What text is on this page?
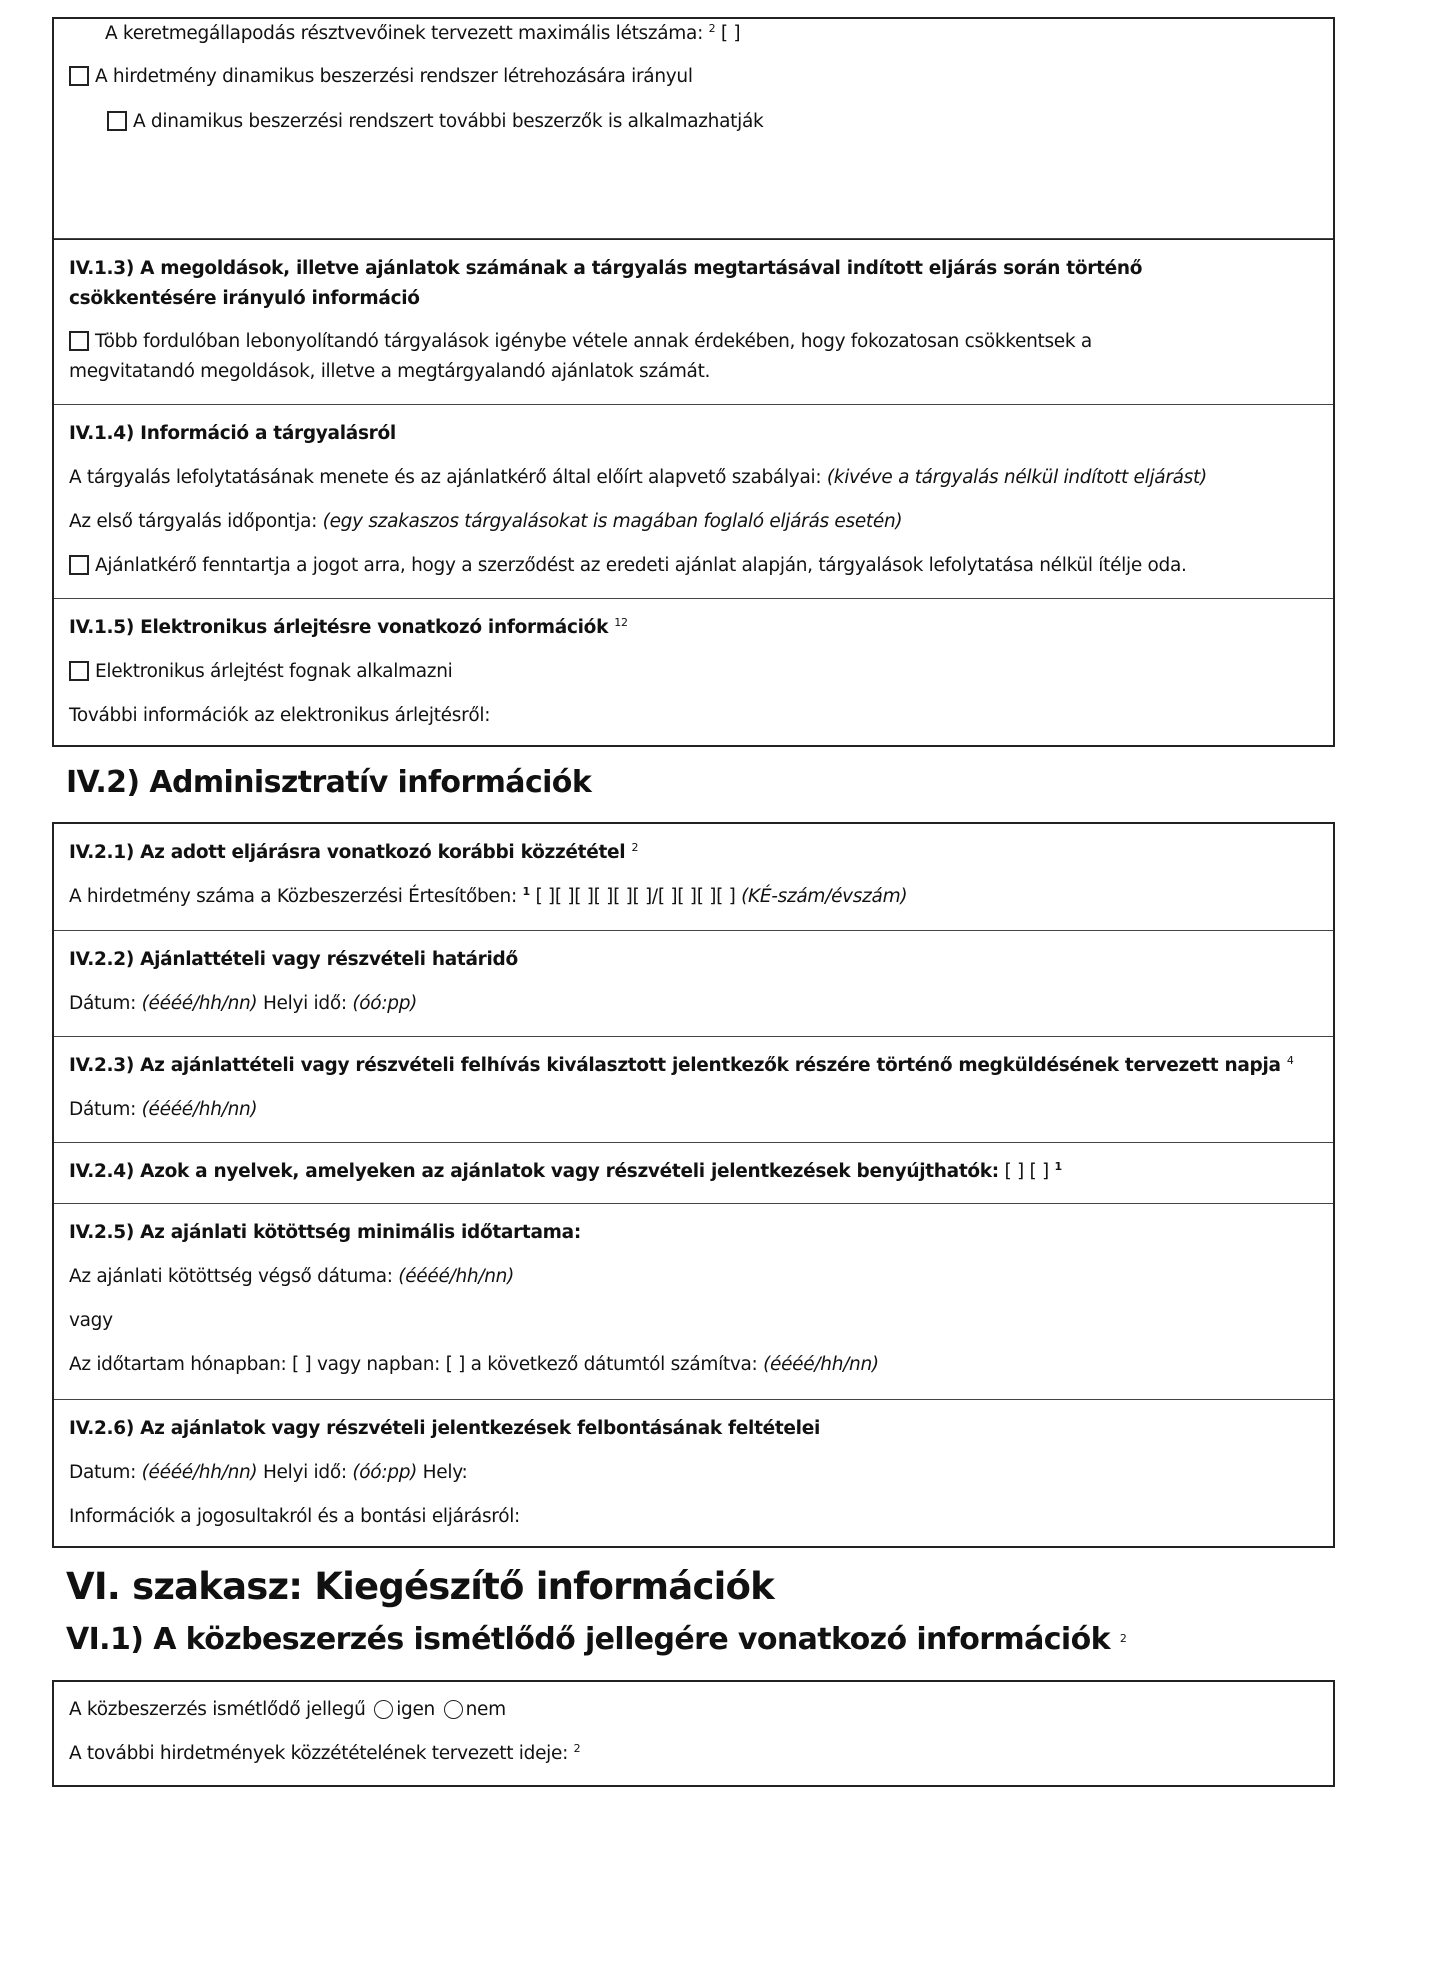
A keretmegállapodás résztvevőinek tervezett maximális létszáma: $^2$ [ ]
A hirdetmény dinamikus beszerzési rendszer létrehozására irányul
A dinamikus beszerzési rendszert további beszerzők is alkalmazhatják
IV.1.3) A megoldások, illetve ajánlatok számának a tárgyalás megtartásával indított eljárás során történő
csökkentésére irányuló információ
Több fordulóban lebonyolítandó tárgyalások igénybe vétele annak érdekében, hogy fokozatosan csökkentsek a
megvitatandó megoldások, illetve a megtárgyalandó ajánlatok számát.
IV.1.4) Információ a tárgyalásról
A tárgyalás lefolytatásának menete és az ajánlatkérő által előírt alapvető szabályai: (kivéve a tárgyalás nélkül indított eljárást)
Az első tárgyalás időpontja: (egy szakaszos tárgyalásokat is magában foglaló eljárás esetén)
Ajánlatkérő fenntartja a jogot arra, hogy a szerződést az eredeti ajánlat alapján, tárgyalások lefolytatása nélkül ítélje oda.
IV.1.5) Elektronikus árlejtésre vonatkozó információk $^{12}$
Elektronikus árlejtést fognak alkalmazni
További információk az elektronikus árlejtésről:
IV.2) Adminisztratív információk
IV.2.1) Az adott eljárásra vonatkozó korábbi közzététel $^2$
A hirdetmény száma a Közbeszerzési Értesítőben: $^1$ [ ][ ][ ][ ][ ][ ]/[ ][ ][ ][ ] (KÉ-szám/évszám)
IV.2.2) Ajánlattételi vagy részvételi határidő
Dátum: (éééé/hh/nn) Helyi idő: (óó:pp)
IV.2.3) Az ajánlattételi vagy részvételi felhívás kiválasztott jelentkezők részére történő megküldésének tervezett napja $^4$
Dátum: (éééé/hh/nn)
IV.2.4) Azok a nyelvek, amelyeken az ajánlatok vagy részvételi jelentkezések benyújthatók: [ ] [ ] $^1$
IV.2.5) Az ajánlati kötöttség minimális időtartama:
Az ajánlati kötöttség végső dátuma: (éééé/hh/nn)
vagy
Az időtartam hónapban: [ ] vagy napban: [ ] a következő dátumtól számítva: (éééé/hh/nn)
IV.2.6) Az ajánlatok vagy részvételi jelentkezések felbontásának feltételei
Datum: (éééé/hh/nn) Helyi idő: (óó:pp) Hely:
Információk a jogosultakról és a bontási eljárásról:
VI. szakasz: Kiegészítő információk
VI.1) A közbeszerzés ismétlődő jellegére vonatkozó információk $^2$
A közbeszerzés ismétlődő jellegű igen nem
A további hirdetmények közzétételének tervezett ideje: $^2$
